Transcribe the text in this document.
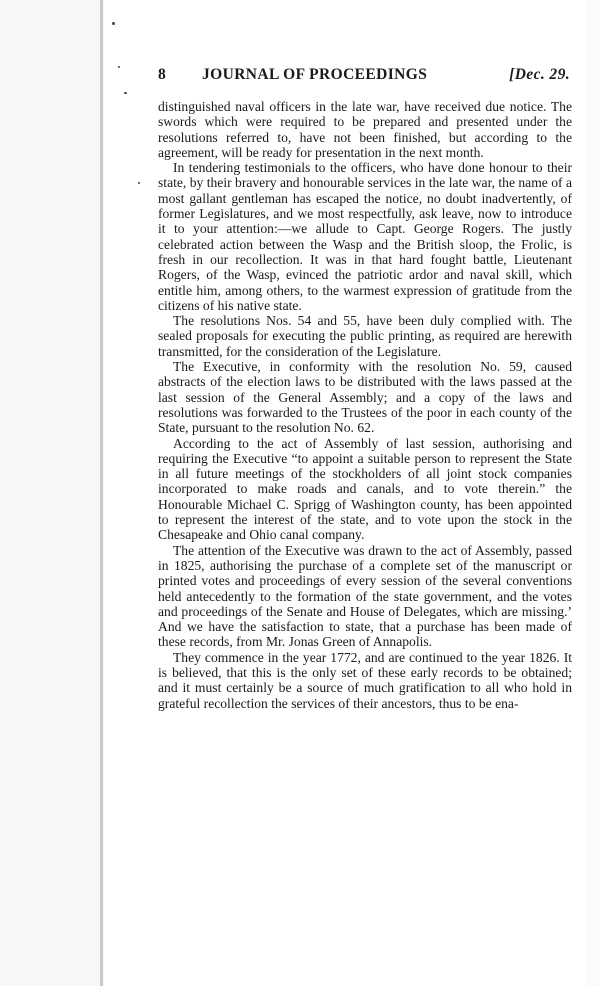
8 JOURNAL OF PROCEEDINGS	[Dec. 29.

distinguished naval officers in the late war, have received due notice. The swords which were required to be prepared and presented under the resolutions referred to, have not been finished, but according to the agreement, will be ready for presentation in the next month.

In tendering testimonials to the officers, who have done honour to their state, by their bravery and honourable services in the late war, the name of a most gallant gentleman has escaped the notice, no doubt inadvertently, of former Legislatures, and we most respectfully, ask leave, now to introduce it to your attention:—we allude to Capt. George Rogers. The justly celebrated action between the Wasp and the British sloop, the Frolic, is fresh in our recollection. It was in that hard fought battle, Lieutenant Rogers, of the Wasp, evinced the patriotic ardor and naval skill, which entitle him, among others, to the warmest expression of gratitude from the citizens of his native state.

The resolutions Nos. 54 and 55, have been duly complied with. The sealed proposals for executing the public printing, as required are herewith transmitted, for the consideration of the Legislature.

The Executive, in conformity with the resolution No. 59, caused abstracts of the election laws to be distributed with the laws passed at the last session of the General Assembly; and a copy of the laws and resolutions was forwarded to the Trustees of the poor in each county of the State, pursuant to the resolution No. 62.

According to the act of Assembly of last session, authorising and requiring the Executive “to appoint a suitable person to represent the State in all future meetings of the stockholders of all joint stock companies incorporated to make roads and canals, and to vote therein.” the Honourable Michael C. Sprigg of Washington county, has been appointed to represent the interest of the state, and to vote upon the stock in the Chesapeake and Ohio canal company.

The attention of the Executive was drawn to the act of Assembly, passed in 1825, authorising the purchase of a complete set of the manuscript or printed votes and proceedings of every session of the several conventions held antecedently to the formation of the state government, and the votes and proceedings of the Senate and House of Delegates, which are missing.’ And we have the satisfaction to state, that a purchase has been made of these records, from Mr. Jonas Green of Annapolis.

They commence in the year 1772, and are continued to the year 1826. It is believed, that this is the only set of these early records to be obtained; and it must certainly be a source of much gratification to all who hold in grateful recollection the services of their ancestors, thus to be ena-
